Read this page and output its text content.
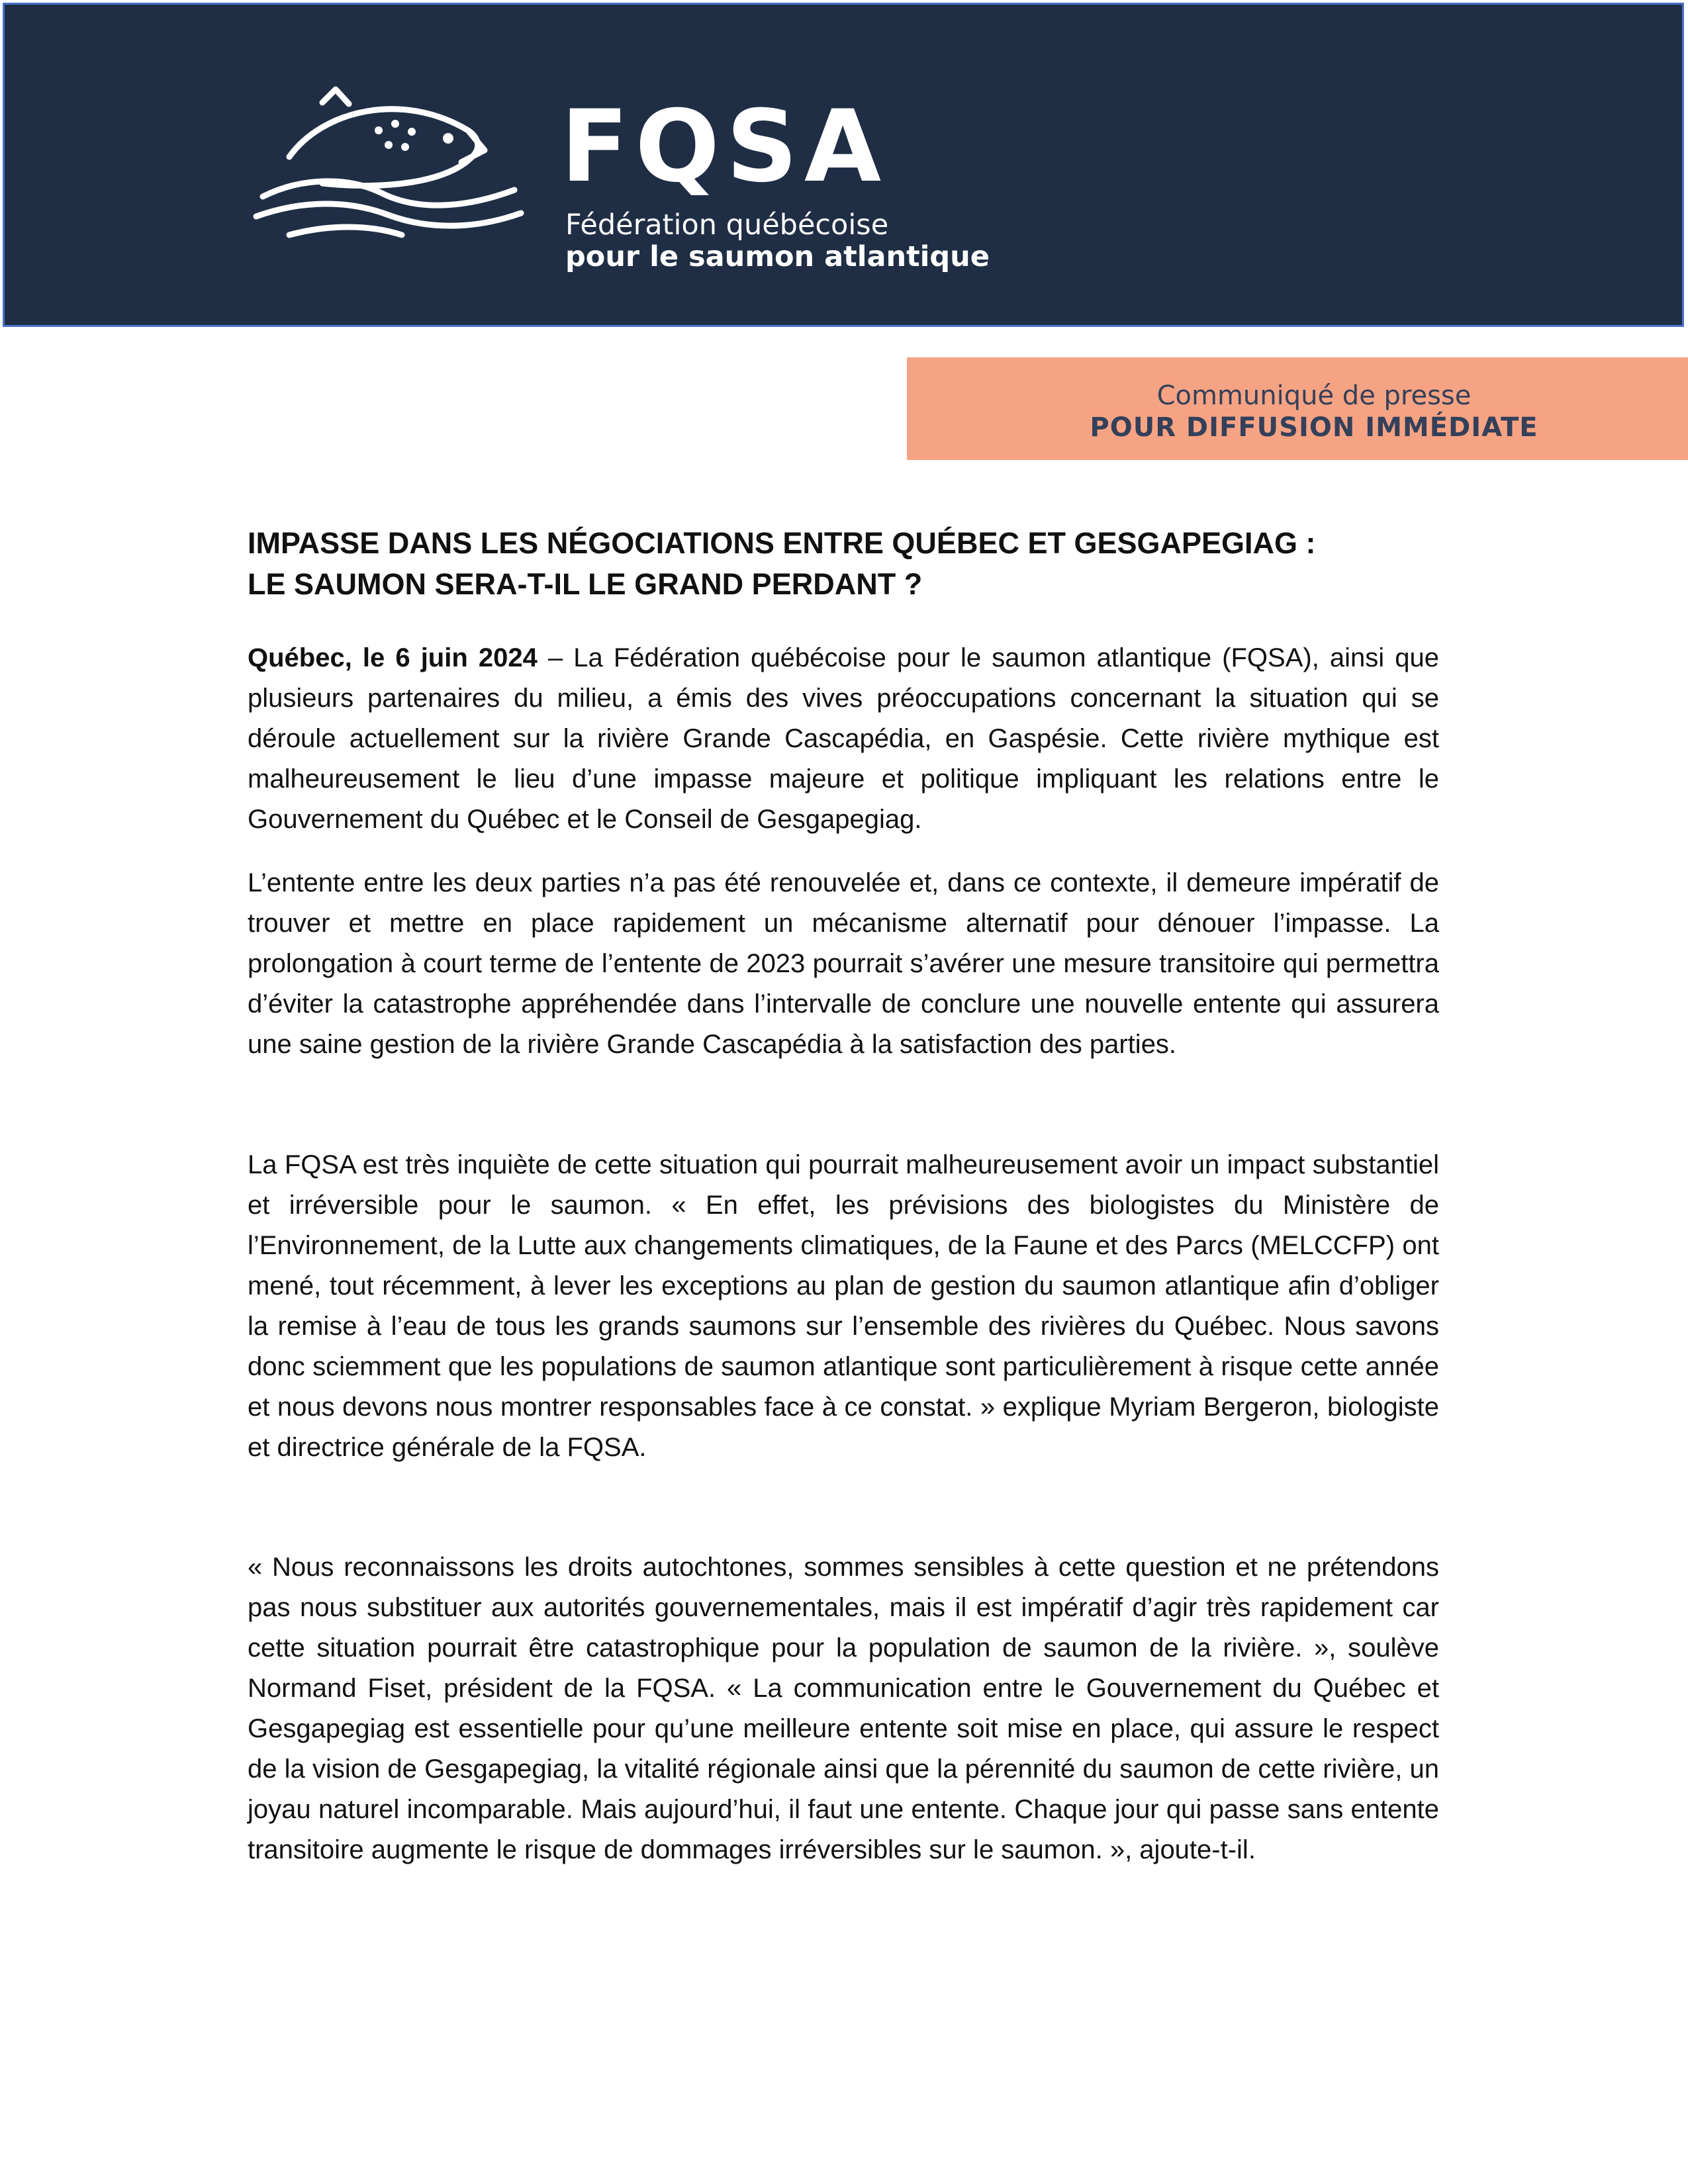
FQSA
Fédération québécoise
pour le saumon atlantique
Communiqué de presse
POUR DIFFUSION IMMÉDIATE
IMPASSE DANS LES NÉGOCIATIONS ENTRE QUÉBEC ET GESGAPEGIAG :
LE SAUMON SERA-T-IL LE GRAND PERDANT ?

Québec, le 6 juin 2024 – La Fédération québécoise pour le saumon atlantique (FQSA), ainsi que plusieurs partenaires du milieu, a émis des vives préoccupations concernant la situation qui se déroule actuellement sur la rivière Grande Cascapédia, en Gaspésie. Cette rivière mythique est malheureusement le lieu d’une impasse majeure et politique impliquant les relations entre le Gouvernement du Québec et le Conseil de Gesgapegiag.

L’entente entre les deux parties n’a pas été renouvelée et, dans ce contexte, il demeure impératif de trouver et mettre en place rapidement un mécanisme alternatif pour dénouer l’impasse. La prolongation à court terme de l’entente de 2023 pourrait s’avérer une mesure transitoire qui permettra d’éviter la catastrophe appréhendée dans l’intervalle de conclure une nouvelle entente qui assurera une saine gestion de la rivière Grande Cascapédia à la satisfaction des parties.

La FQSA est très inquiète de cette situation qui pourrait malheureusement avoir un impact substantiel et irréversible pour le saumon. « En effet, les prévisions des biologistes du Ministère de l’Environnement, de la Lutte aux changements climatiques, de la Faune et des Parcs (MELCCFP) ont mené, tout récemment, à lever les exceptions au plan de gestion du saumon atlantique afin d’obliger la remise à l’eau de tous les grands saumons sur l’ensemble des rivières du Québec. Nous savons donc sciemment que les populations de saumon atlantique sont particulièrement à risque cette année et nous devons nous montrer responsables face à ce constat. » explique Myriam Bergeron, biologiste et directrice générale de la FQSA.

« Nous reconnaissons les droits autochtones, sommes sensibles à cette question et ne prétendons pas nous substituer aux autorités gouvernementales, mais il est impératif d’agir très rapidement car cette situation pourrait être catastrophique pour la population de saumon de la rivière. », soulève Normand Fiset, président de la FQSA. « La communication entre le Gouvernement du Québec et Gesgapegiag est essentielle pour qu’une meilleure entente soit mise en place, qui assure le respect de la vision de Gesgapegiag, la vitalité régionale ainsi que la pérennité du saumon de cette rivière, un joyau naturel incomparable. Mais aujourd’hui, il faut une entente. Chaque jour qui passe sans entente transitoire augmente le risque de dommages irréversibles sur le saumon. », ajoute-t-il.
